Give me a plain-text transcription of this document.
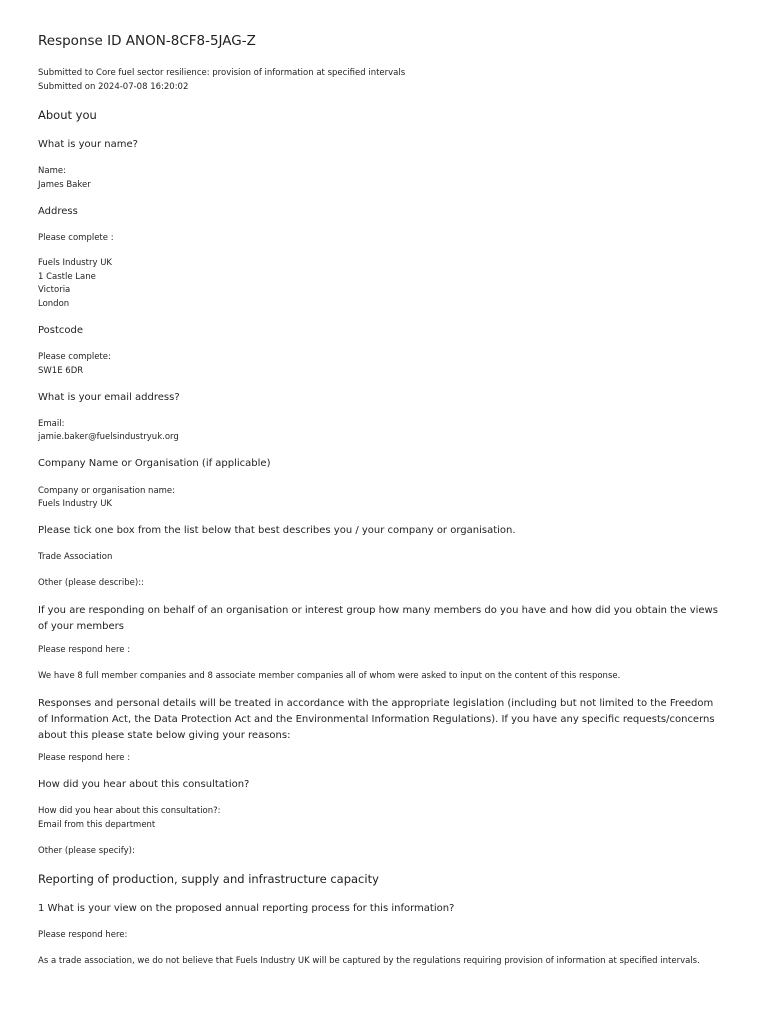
Response ID ANON-8CF8-5JAG-Z
Submitted to Core fuel sector resilience: provision of information at specified intervals
Submitted on 2024-07-08 16:20:02
About you
What is your name?
Name:
James Baker
Address
Please complete :
Fuels Industry UK
1 Castle Lane
Victoria
London
Postcode
Please complete:
SW1E 6DR
What is your email address?
Email:
jamie.baker@fuelsindustryuk.org
Company Name or Organisation (if applicable)
Company or organisation name:
Fuels Industry UK
Please tick one box from the list below that best describes you / your company or organisation.
Trade Association
Other (please describe)::
If you are responding on behalf of an organisation or interest group how many members do you have and how did you obtain the views of your members
Please respond here :
We have 8 full member companies and 8 associate member companies all of whom were asked to input on the content of this response.
Responses and personal details will be treated in accordance with the appropriate legislation (including but not limited to the Freedom of Information Act, the Data Protection Act and the Environmental Information Regulations). If you have any specific requests/concerns about this please state below giving your reasons:
Please respond here :
How did you hear about this consultation?
How did you hear about this consultation?:
Email from this department
Other (please specify):
Reporting of production, supply and infrastructure capacity
1 What is your view on the proposed annual reporting process for this information?
Please respond here:
As a trade association, we do not believe that Fuels Industry UK will be captured by the regulations requiring provision of information at specified intervals.
